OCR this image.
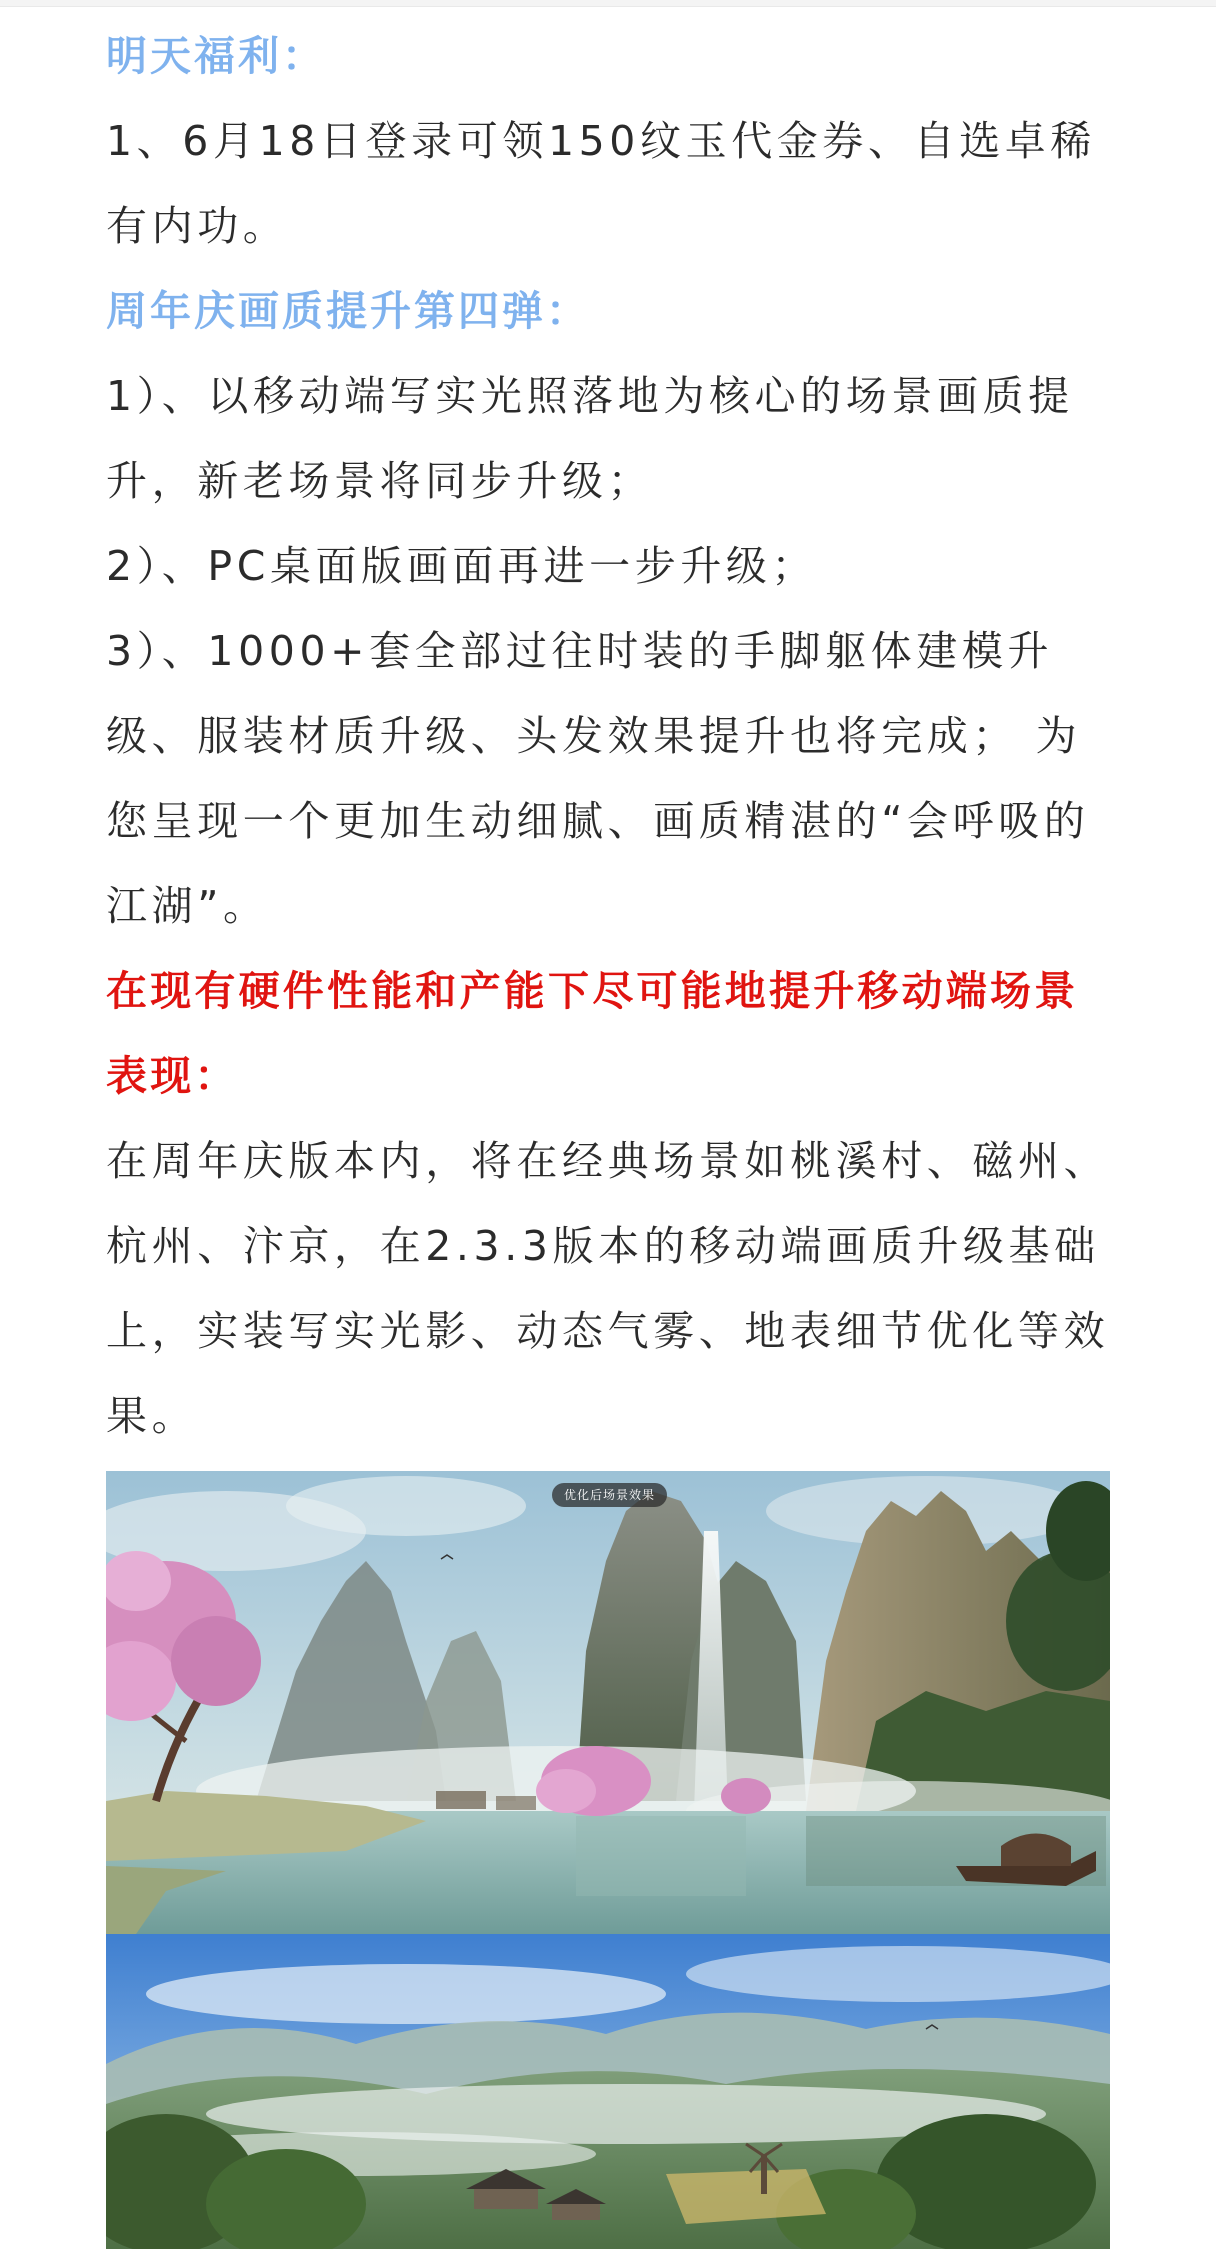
明天福利：
1、6月18日登录可领150纹玉代金券、自选卓稀
有内功。
周年庆画质提升第四弹：
1）、以移动端写实光照落地为核心的场景画质提
升，新老场景将同步升级；
2）、PC桌面版画面再进一步升级；
3）、1000+套全部过往时装的手脚躯体建模升
级、服装材质升级、头发效果提升也将完成； 为
您呈现一个更加生动细腻、画质精湛的“会呼吸的
江湖”。
在现有硬件性能和产能下尽可能地提升移动端场景
表现：
在周年庆版本内，将在经典场景如桃溪村、磁州、
杭州、汴京，在2.3.3版本的移动端画质升级基础
上，实装写实光影、动态气雾、地表细节优化等效
果。
优化后场景效果
